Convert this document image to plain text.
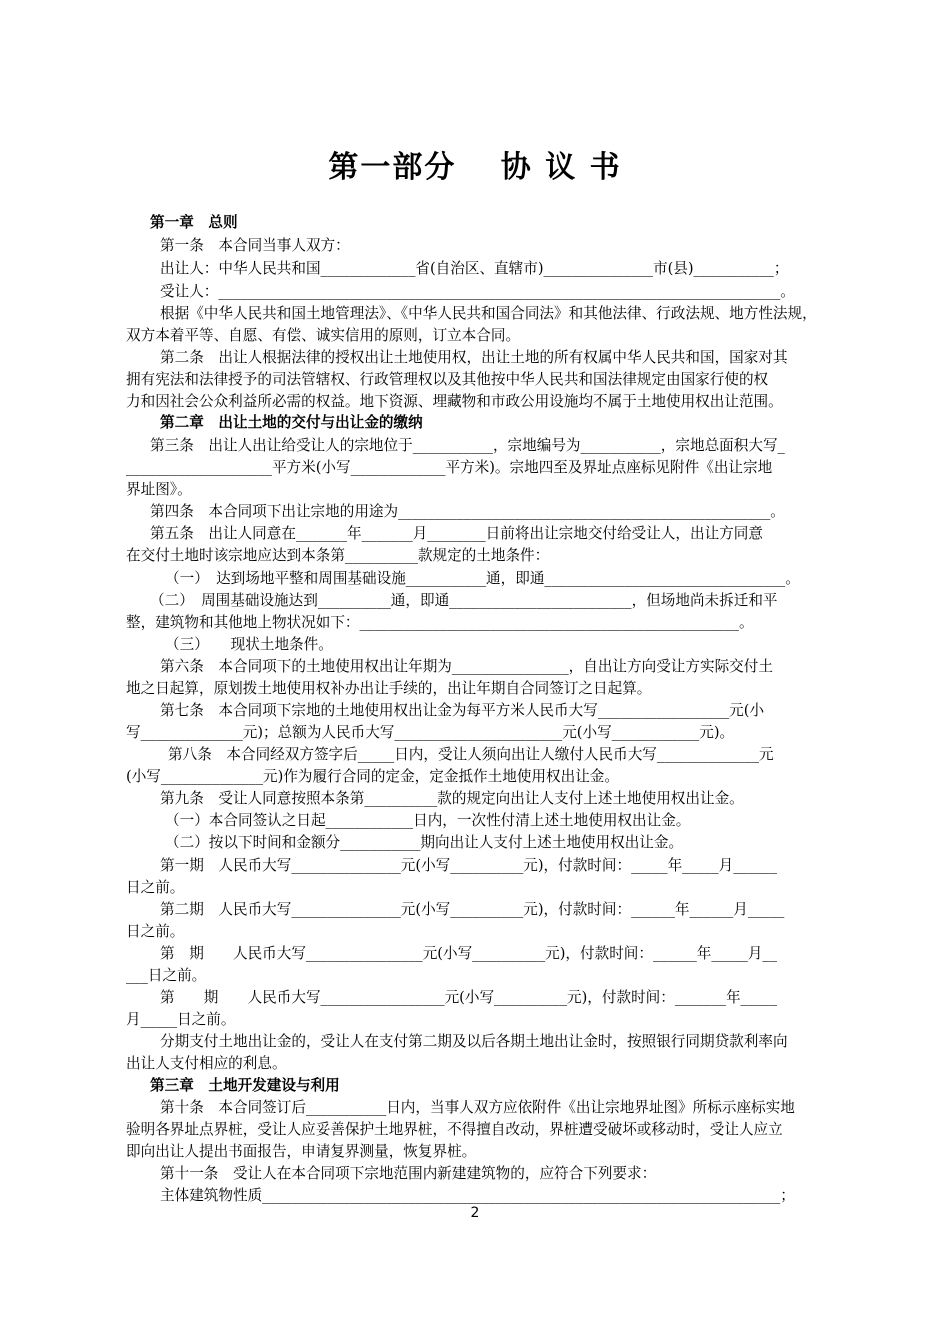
第一部分　 协 议 书
第一章　总则
第一条　本合同当事人双方：
出让人：中华人民共和国_____________省(自治区、直辖市)_______________市(县)___________；
受让人：_____________________________________________________________________________。
根据《中华人民共和国土地管理法》、《中华人民共和国合同法》和其他法律、行政法规、地方性法规，
双方本着平等、自愿、有偿、诚实信用的原则，订立本合同。
第二条　出让人根据法律的授权出让土地使用权，出让土地的所有权属中华人民共和国，国家对其
拥有宪法和法律授予的司法管辖权、行政管理权以及其他按中华人民共和国法律规定由国家行使的权
力和因社会公众利益所必需的权益。地下资源、埋藏物和市政公用设施均不属于土地使用权出让范围。
第二章　出让土地的交付与出让金的缴纳
第三条　出让人出让给受让人的宗地位于___________，宗地编号为___________，宗地总面积大写_
____________________平方米(小写_____________平方米)。宗地四至及界址点座标见附件《出让宗地
界址图》。
第四条　本合同项下出让宗地的用途为___________________________________________________。
第五条　出让人同意在_______年_______月________日前将出让宗地交付给受让人，出让方同意
在交付土地时该宗地应达到本条第__________款规定的土地条件：
（一）　达到场地平整和周围基础设施___________通，即通_________________________________。
（二）　周围基础设施达到__________通，即通_________________________，但场地尚未拆迁和平
整，建筑物和其他地上物状况如下：____________________________________________________。
（三）　　现状土地条件。
第六条　本合同项下的土地使用权出让年期为________________，自出让方向受让方实际交付土
地之日起算，原划拨土地使用权补办出让手续的，出让年期自合同签订之日起算。
第七条　本合同项下宗地的土地使用权出让金为每平方米人民币大写__________________元(小
写______________元)；总额为人民币大写_______________________元(小写____________元)。
第八条　本合同经双方签字后_____日内，受让人须向出让人缴付人民币大写______________元
(小写______________元)作为履行合同的定金，定金抵作土地使用权出让金。
第九条　受让人同意按照本条第__________款的规定向出让人支付上述土地使用权出让金。
（一）本合同签认之日起____________日内，一次性付清上述土地使用权出让金。
（二）按以下时间和金额分___________期向出让人支付上述土地使用权出让金。
第一期　人民币大写_______________元(小写__________元)，付款时间：_____年_____月______
日之前。
第二期　人民币大写_______________元(小写__________元)，付款时间：______年______月_____
日之前。
第　期　　人民币大写________________元(小写__________元)，付款时间：______年_____月__
___日之前。
第　　期　　人民币大写_________________元(小写__________元)，付款时间：_______年_____
月_____日之前。
分期支付土地出让金的，受让人在支付第二期及以后各期土地出让金时，按照银行同期贷款利率向
出让人支付相应的利息。
第三章　土地开发建设与利用
第十条　本合同签订后___________日内，当事人双方应依附件《出让宗地界址图》所标示座标实地
验明各界址点界桩，受让人应妥善保护土地界桩，不得擅自改动，界桩遭受破坏或移动时，受让人应立
即向出让人提出书面报告，申请复界测量，恢复界桩。
第十一条　受让人在本合同项下宗地范围内新建建筑物的，应符合下列要求：
主体建筑物性质_______________________________________________________________________；
2
